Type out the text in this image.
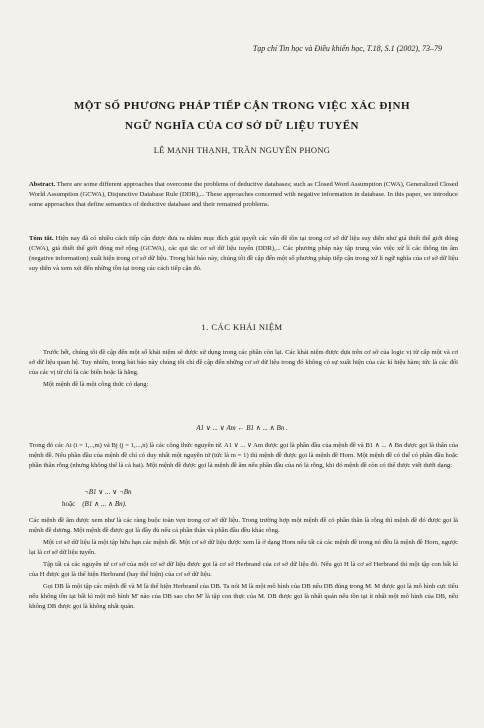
Tạp chí Tin học và Điều khiển học, T.18, S.1 (2002), 73–79
MỘT SỐ PHƯƠNG PHÁP TIẾP CẬN TRONG VIỆC XÁC ĐỊNH
NGỮ NGHĨA CỦA CƠ SỞ DỮ LIỆU TUYỂN
LÊ MẠNH THẠNH, TRẦN NGUYÊN PHONG
Abstract. There are some different approaches that overcome the problems of deductive databases; such as Closed Word Assumption (CWA), Generalized Closed World Assumption (GCWA), Disjunctive Database Rule (DDR),... These approaches concerned with negative information in database. In this paper, we introduce some approaches that define semantics of deductive database and their remained problems.
Tóm tắt. Hiện nay đã có nhiều cách tiếp cận được đưa ra nhằm mục đích giải quyết các vấn đề tồn tại trong cơ sở dữ liệu suy diễn như giả thiết thế giới đóng (CWA), giả thiết thế giới đóng mở rộng (GCWA), các qui tắc cơ sở dữ liệu tuyển (DDR),... Các phương pháp này tập trung vào việc xử lí các thông tin âm (negative information) xuất hiện trong cơ sở dữ liệu. Trong bài báo này, chúng tôi đề cập đến một số phương pháp tiếp cận trong xử lí ngữ nghĩa của cơ sở dữ liệu suy diễn và xem xét đến những tồn tại trong các cách tiếp cận đó.
1. CÁC KHÁI NIỆM

Trước hết, chúng tôi đề cập đến một số khái niệm sẽ được sử dụng trong các phần còn lại. Các khái niệm được dựa trên cơ sở của logic vị từ cấp một và cơ sở dữ liệu quan hệ. Tuy nhiên, trong bài báo này chúng tôi chỉ đề cập đến những cơ sở dữ liệu trong đó không có sự xuất hiện của các kí hiệu hàm; tức là các đối của các vị từ chỉ là các biến hoặc là hằng.

Một mệnh đề là một công thức có dạng:

A1 ∨ ... ∨ Am ← B1 ∧ ... ∧ Bn .

Trong đó các Ai (i = 1,..,m) và Bj (j = 1,...,n) là các công thức nguyên tử. A1 ∨ ... ∨ Am được gọi là phần đầu của mệnh đề và B1 ∧ ... ∧ Bn được gọi là thân của mệnh đề. Nếu phần đầu của mệnh đề chỉ có duy nhất một nguyên tử (tức là m = 1) thì mệnh đề được gọi là mệnh đề Horn. Một mệnh đề có thể có phần đầu hoặc phần thân rỗng (nhưng không thể là cả hai). Một mệnh đề được gọi là mệnh đề âm nếu phần đầu của nó là rỗng, khi đó mệnh đề còn có thể được viết dưới dạng:

¬B1 ∨ ... ∨ ¬Bn
hoặc (B1 ∧ ... ∧ Bn).

Các mệnh đề âm được xem như là các ràng buộc toàn vẹn trong cơ sở dữ liệu. Trong trường hợp một mệnh đề có phần thân là rỗng thì mệnh đề đó được gọi là mệnh đề dương. Một mệnh đề được gọi là đầy đủ nếu cả phần thân và phần đầu đều khác rỗng.

Một cơ sở dữ liệu là một tập hữu hạn các mệnh đề. Một cơ sở dữ liệu được xem là ở dạng Horn nếu tất cả các mệnh đề trong nó đều là mệnh đề Horn, ngược lại là cơ sở dữ liệu tuyển.

Tập tất cả các nguyên tử cơ sở của một cơ sở dữ liệu được gọi là cơ sở Herbrand của cơ sở dữ liệu đó. Nếu gọi H là cơ sở Herbrand thì một tập con bất kì của H được gọi là thể hiện Herbrand (hay thể hiện) của cơ sở dữ liệu.

Gọi DB là một tập các mệnh đề và M là thể hiện Herbrand của DB. Ta nói M là một mô hình của DB nếu DB đúng trong M. M được gọi là mô hình cực tiểu nếu không tồn tại bất kì một mô hình M' nào của DB sao cho M' là tập con thực của M. DB được gọi là nhất quán nếu tồn tại ít nhất một mô hình của DB, nếu không DB được gọi là không nhất quán.
